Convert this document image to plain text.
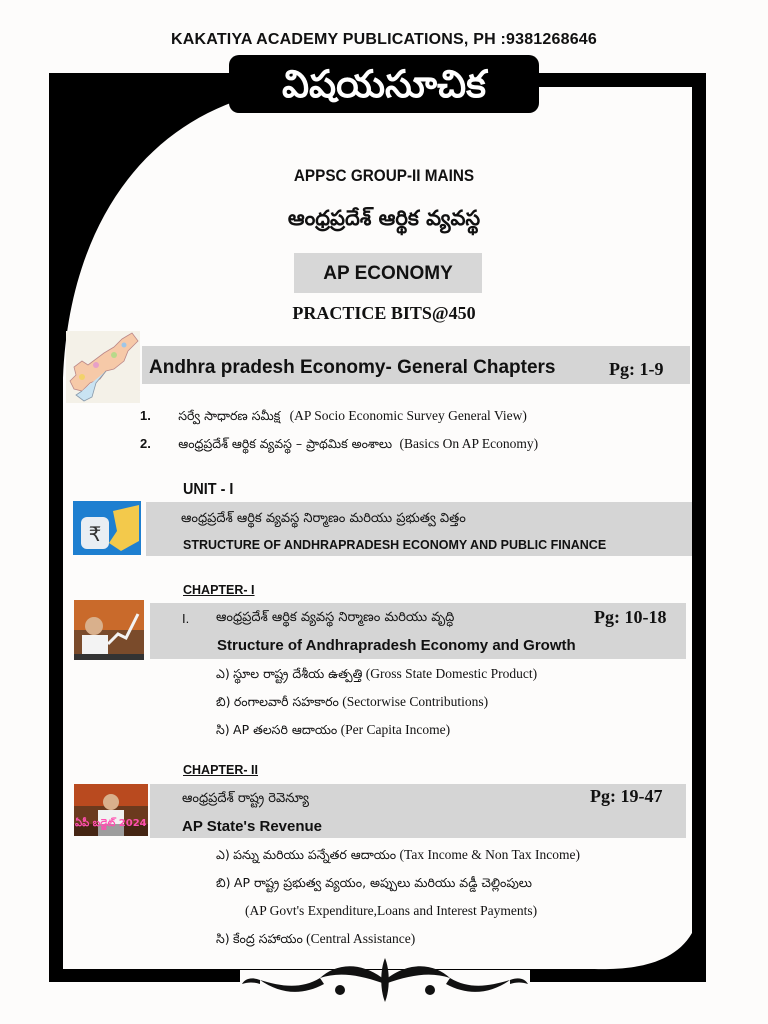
KAKATIYA ACADEMY PUBLICATIONS, PH :9381268646
విషయసూచిక
APPSC GROUP-II MAINS
ఆంధ్రప్రదేశ్ ఆర్థిక వ్యవస్థ
AP ECONOMY
PRACTICE BITS@450
Andhra pradesh Economy- General Chapters	Pg: 1-9
1. సర్వే సాధారణ సమీక్ష (AP Socio Economic Survey General View)
2. ఆంధ్రప్రదేశ్ ఆర్థిక వ్యవస్థ – ప్రాథమిక అంశాలు (Basics On AP Economy)
UNIT - I
₹
ఆంధ్రప్రదేశ్ ఆర్థిక వ్యవస్థ నిర్మాణం మరియు ప్రభుత్వ విత్తం
STRUCTURE OF ANDHRAPRADESH ECONOMY AND PUBLIC FINANCE
CHAPTER- I
I. ఆంధ్రప్రదేశ్ ఆర్థిక వ్యవస్థ నిర్మాణం మరియు వృద్ధి	Pg: 10-18
Structure of Andhrapradesh Economy and Growth
ఎ) స్థూల రాష్ట్ర దేశీయ ఉత్పత్తి (Gross State Domestic Product)
బి) రంగాలవారీ సహకారం (Sectorwise Contributions)
సి) AP తలసరి ఆదాయం (Per Capita Income)
CHAPTER- II
ఏపీ బడ్జెట్ 2024
ఆంధ్రప్రదేశ్ రాష్ట్ర రెవెన్యూ	Pg: 19-47
AP State's Revenue
ఎ) పన్ను మరియు పన్నేతర ఆదాయం (Tax Income & Non Tax Income)
బి) AP రాష్ట్ర ప్రభుత్వ వ్యయం, అప్పులు మరియు వడ్డీ చెల్లింపులు
(AP Govt's Expenditure,Loans and Interest Payments)
సి) కేంద్ర సహాయం (Central Assistance)
